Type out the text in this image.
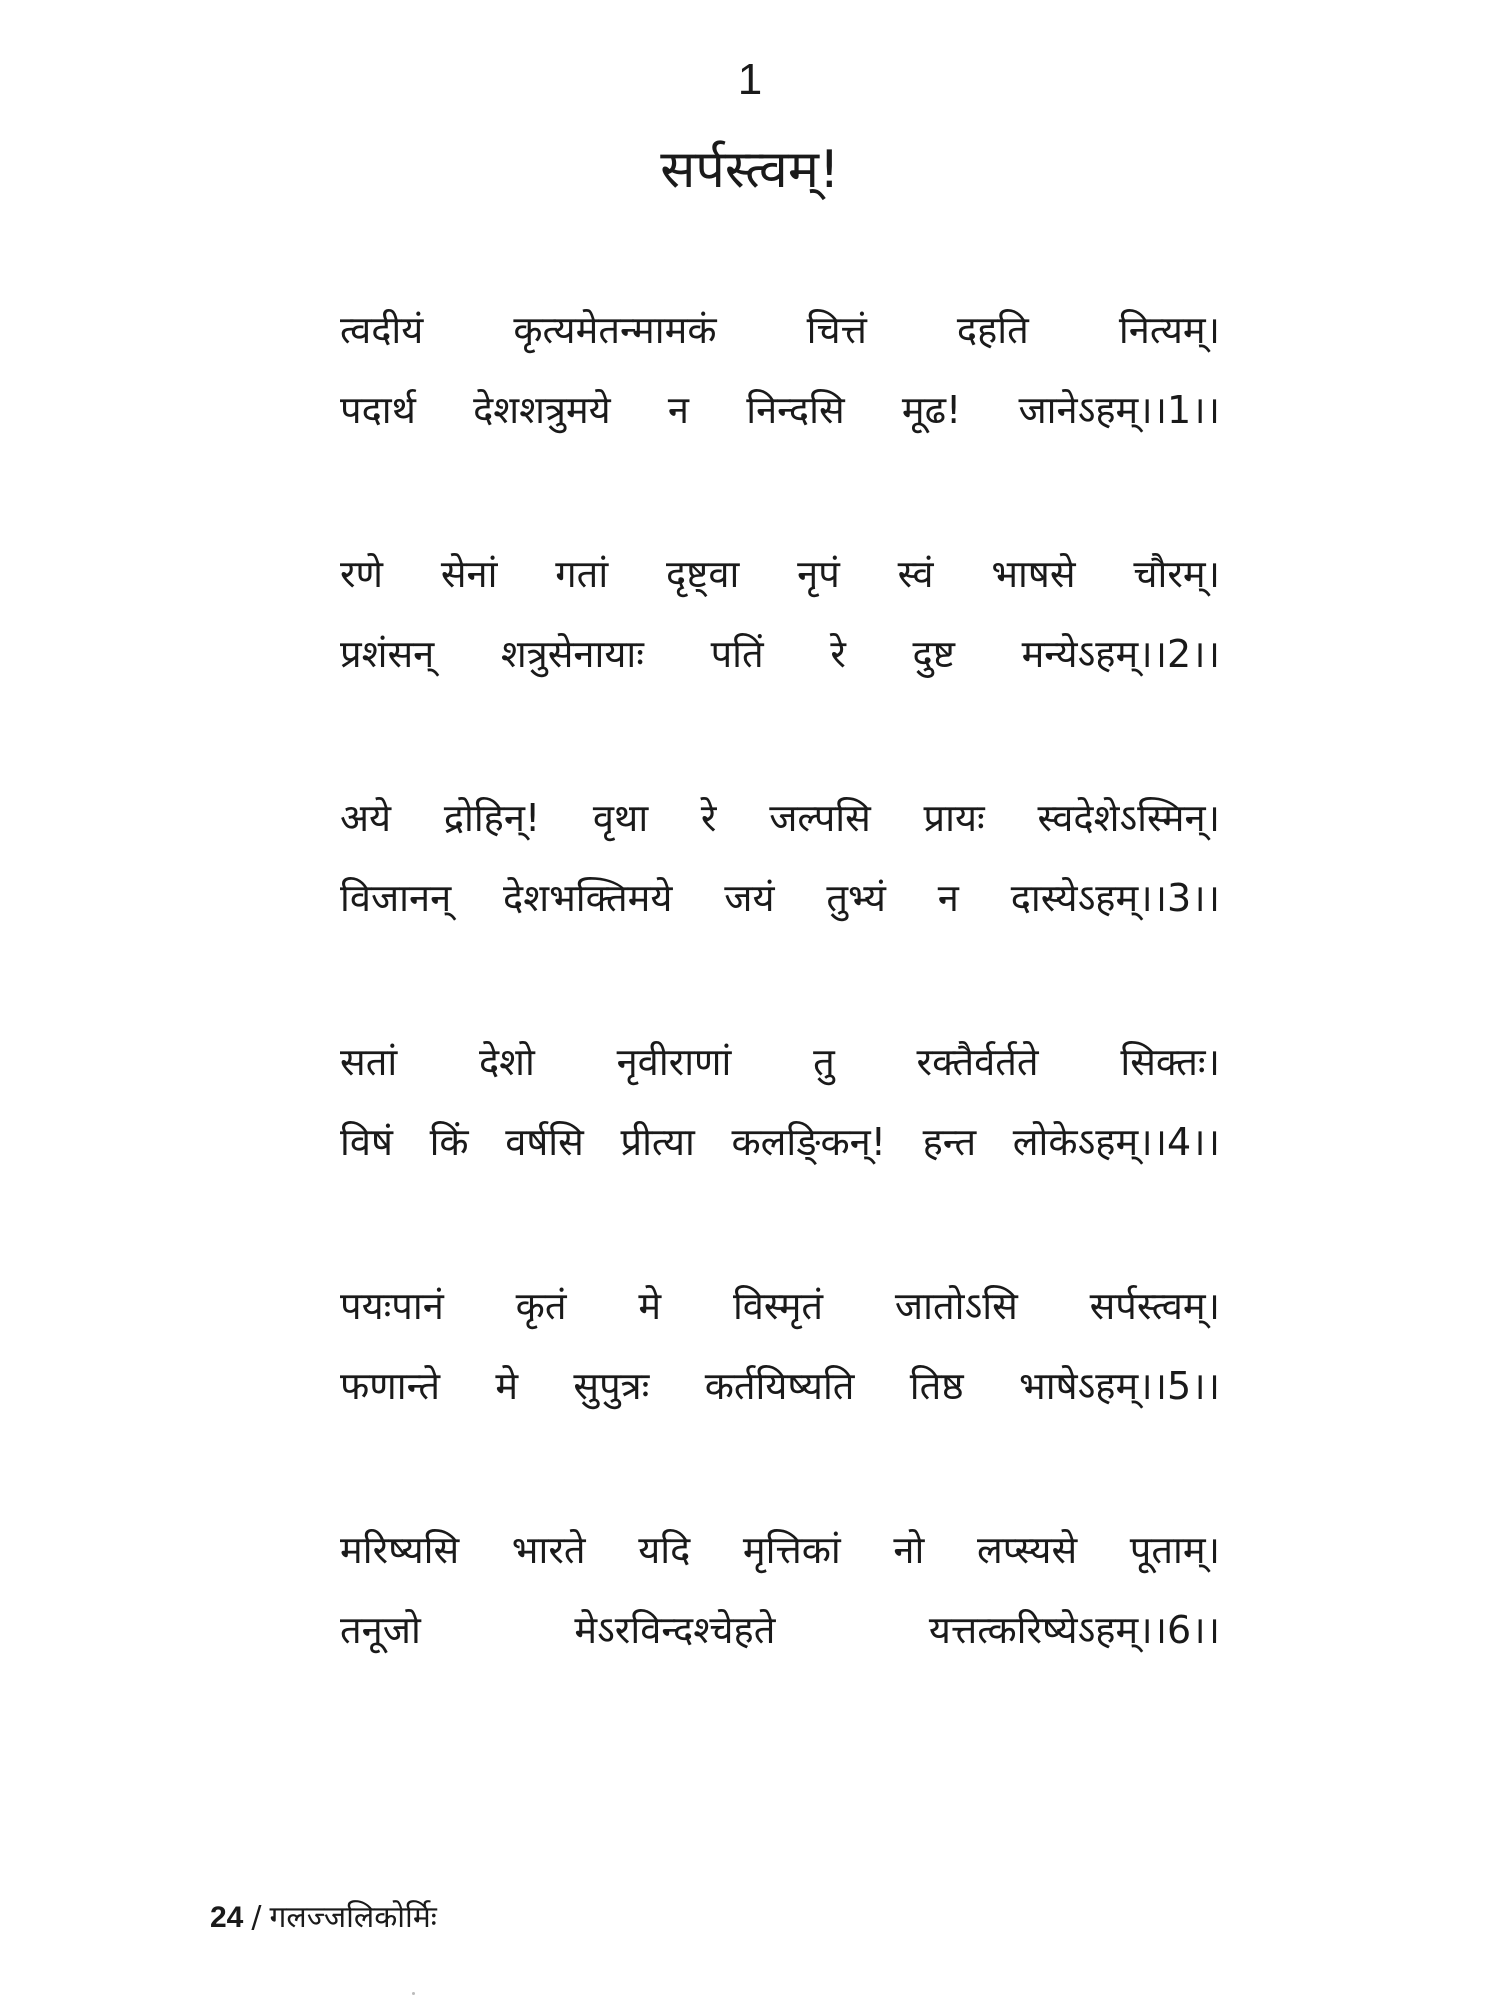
1
सर्पस्त्वम्!
त्वदीयं कृत्यमेतन्मामकं चित्तं दहति नित्यम्।
पदार्थ देशशत्रुमये न निन्दसि मूढ! जानेऽहम्।।1।।
रणे सेनां गतां दृष्ट्वा नृपं स्वं भाषसे चौरम्।
प्रशंसन् शत्रुसेनायाः पतिं रे दुष्ट मन्येऽहम्।।2।।
अये द्रोहिन्! वृथा रे जल्पसि प्रायः स्वदेशेऽस्मिन्।
विजानन् देशभक्तिमये जयं तुभ्यं न दास्येऽहम्।।3।।
सतां देशो नृवीराणां तु रक्तैर्वर्तते सिक्तः।
विषं किं वर्षसि प्रीत्या कलङि्कन्! हन्त लोकेऽहम्।।4।।
पयःपानं कृतं मे विस्मृतं जातोऽसि सर्पस्त्वम्।
फणान्ते मे सुपुत्रः कर्तयिष्यति तिष्ठ भाषेऽहम्।।5।।
मरिष्यसि भारते यदि मृत्तिकां नो लप्स्यसे पूताम्।
तनूजो मेऽरविन्दश्चेहते यत्तत्करिष्येऽहम्।।6।।
24 / गलज्जलिकोर्मिः
